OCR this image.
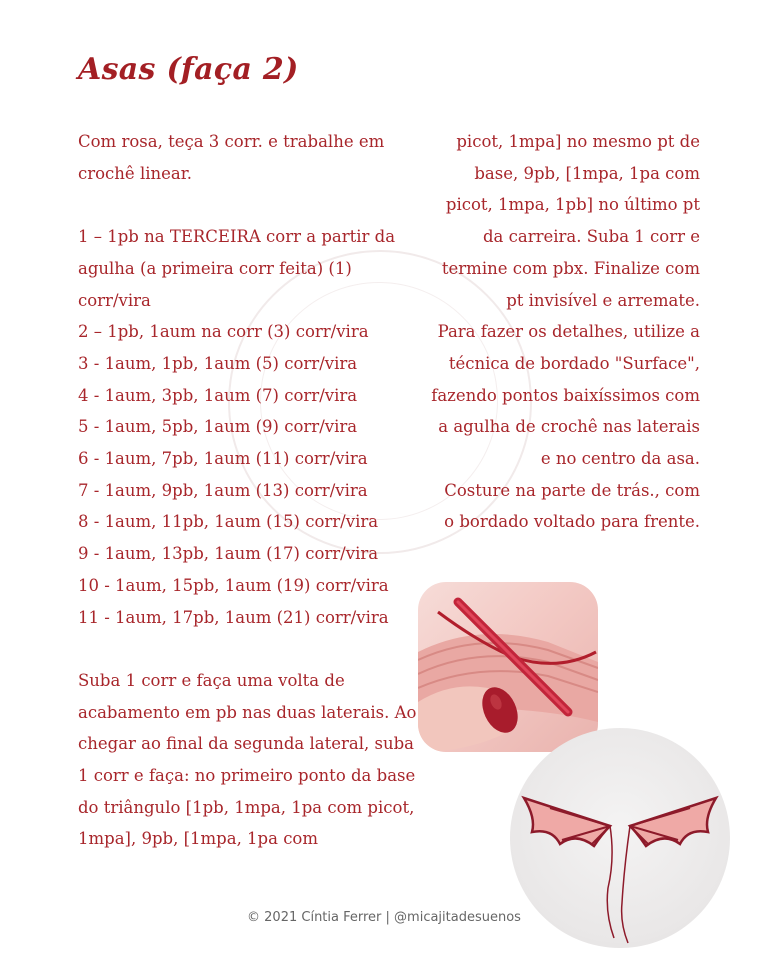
Asas (faça 2)

Com rosa, teça 3 corr. e trabalhe em crochê linear.

1 – 1pb na TERCEIRA corr a partir da agulha (a primeira corr feita) (1) corr/vira

2 – 1pb, 1aum na corr (3) corr/vira

3 - 1aum, 1pb, 1aum (5) corr/vira

4 - 1aum, 3pb, 1aum (7) corr/vira

5 - 1aum, 5pb, 1aum (9) corr/vira

6 - 1aum, 7pb, 1aum (11) corr/vira

7 - 1aum, 9pb, 1aum (13) corr/vira

8 - 1aum, 11pb, 1aum (15) corr/vira

9 - 1aum, 13pb, 1aum (17) corr/vira

10 - 1aum, 15pb, 1aum (19) corr/vira

11 - 1aum, 17pb, 1aum (21) corr/vira

Suba 1 corr e faça uma volta de acabamento em pb nas duas laterais. Ao chegar ao final da segunda lateral, suba 1 corr e faça: no primeiro ponto da base do triângulo [1pb, 1mpa, 1pa com picot, 1mpa], 9pb, [1mpa, 1pa com

picot, 1mpa] no mesmo pt de base, 9pb, [1mpa, 1pa com picot, 1mpa, 1pb] no último pt da carreira. Suba 1 corr e termine com pbx. Finalize com pt invisível e arremate.

Para fazer os detalhes, utilize a técnica de bordado "Surface", fazendo pontos baixíssimos com a agulha de crochê nas laterais e no centro da asa.

Costure na parte de trás., com o bordado voltado para frente.

© 2021 Cíntia Ferrer | @micajitadesuenos
